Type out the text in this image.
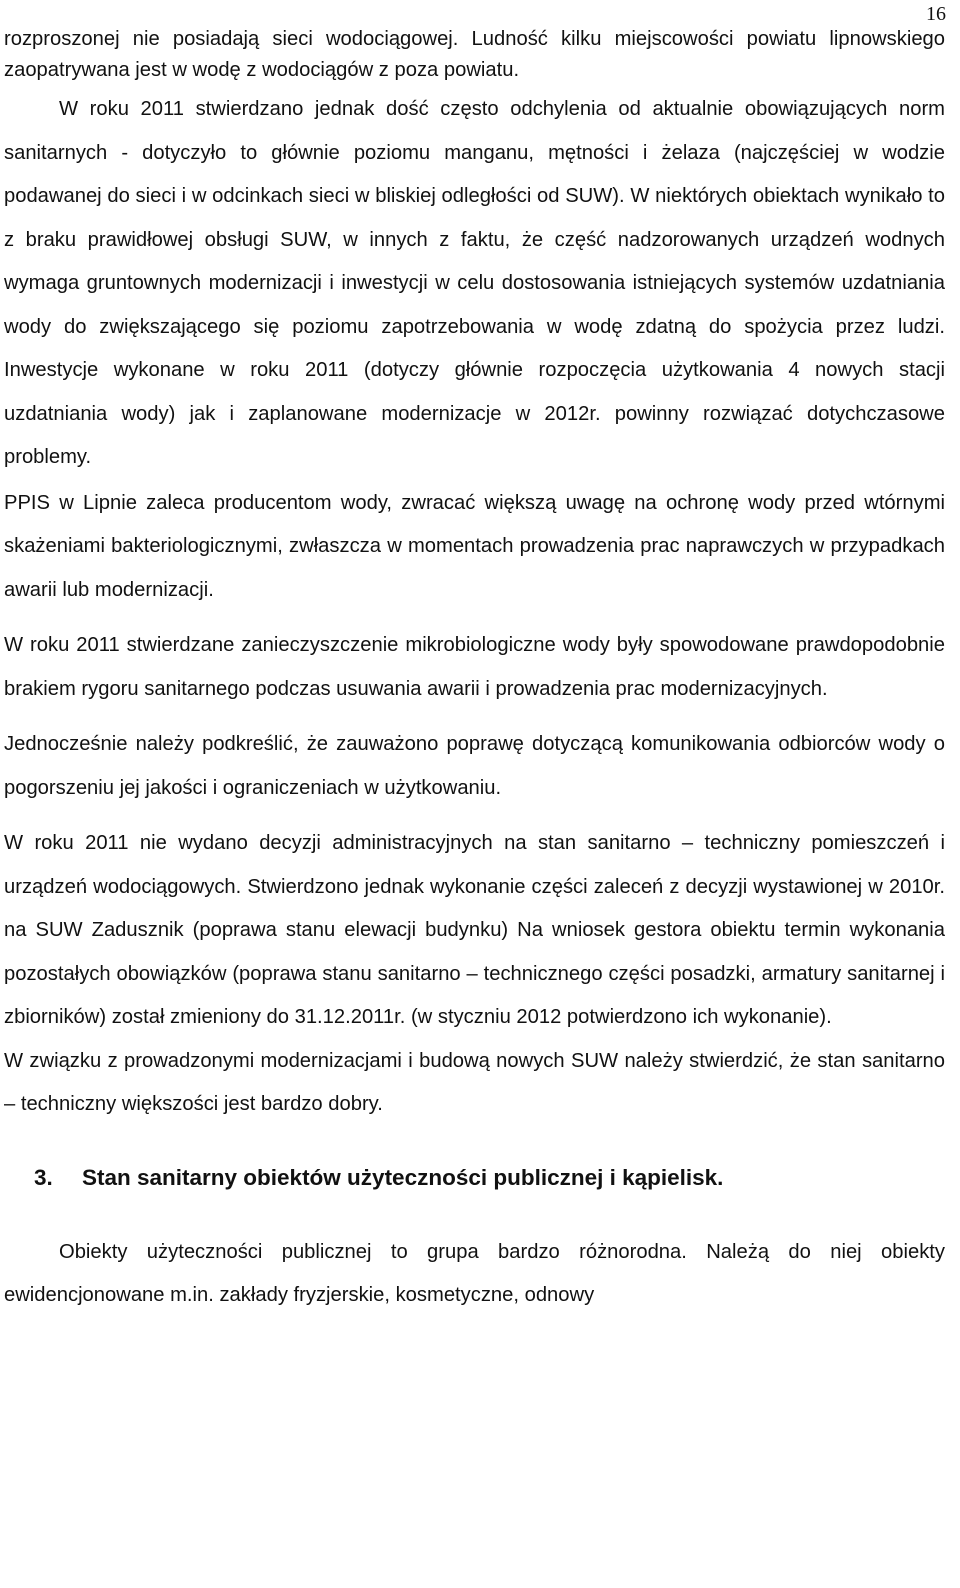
16

rozproszonej nie posiadają sieci wodociągowej. Ludność kilku miejscowości powiatu lipnowskiego zaopatrywana jest w wodę z wodociągów z poza powiatu.

W roku 2011 stwierdzano jednak dość często odchylenia od aktualnie obowiązujących norm sanitarnych - dotyczyło to głównie poziomu manganu, mętności i żelaza (najczęściej w wodzie podawanej do sieci i w odcinkach sieci w bliskiej odległości od SUW). W niektórych obiektach wynikało to z braku prawidłowej obsługi SUW, w innych z faktu, że część nadzorowanych urządzeń wodnych wymaga gruntownych modernizacji i inwestycji w celu dostosowania istniejących systemów uzdatniania wody do zwiększającego się poziomu zapotrzebowania w wodę zdatną do spożycia przez ludzi. Inwestycje wykonane w roku 2011 (dotyczy głównie rozpoczęcia użytkowania 4 nowych stacji uzdatniania wody) jak i zaplanowane modernizacje w 2012r. powinny rozwiązać dotychczasowe problemy.

PPIS w Lipnie zaleca producentom wody, zwracać większą uwagę na ochronę wody przed wtórnymi skażeniami bakteriologicznymi, zwłaszcza w momentach prowadzenia prac naprawczych w przypadkach awarii lub modernizacji.

W roku 2011 stwierdzane zanieczyszczenie mikrobiologiczne wody były spowodowane prawdopodobnie brakiem rygoru sanitarnego podczas usuwania awarii i prowadzenia prac modernizacyjnych.

Jednocześnie należy podkreślić, że zauważono poprawę dotyczącą komunikowania odbiorców wody o pogorszeniu jej jakości i ograniczeniach w użytkowaniu.

W roku 2011 nie wydano decyzji administracyjnych na stan sanitarno – techniczny pomieszczeń i urządzeń wodociągowych. Stwierdzono jednak wykonanie części zaleceń z decyzji wystawionej w 2010r. na SUW Zadusznik (poprawa stanu elewacji budynku) Na wniosek gestora obiektu termin wykonania pozostałych obowiązków (poprawa stanu sanitarno – technicznego części posadzki, armatury sanitarnej i zbiorników) został zmieniony do 31.12.2011r. (w styczniu 2012 potwierdzono ich wykonanie).

W związku z prowadzonymi modernizacjami i budową nowych SUW należy stwierdzić, że stan sanitarno – techniczny większości jest bardzo dobry.

3. Stan sanitarny obiektów użyteczności publicznej i kąpielisk.

Obiekty użyteczności publicznej to grupa bardzo różnorodna. Należą do niej obiekty ewidencjonowane m.in. zakłady fryzjerskie, kosmetyczne, odnowy
